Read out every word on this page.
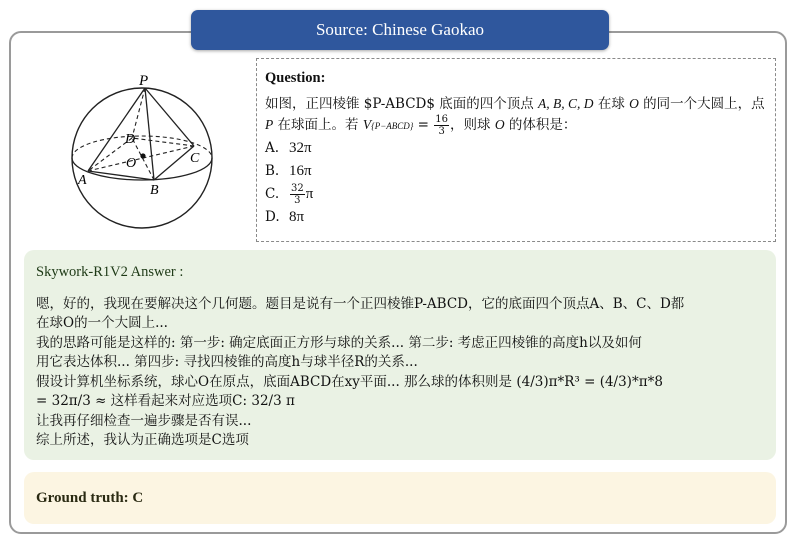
Source: Chinese Gaokao
P
A
B
C
D
O
Question:
如图，正四棱锥 $P-ABCD$ 底面的四个顶点 A, B, C, D 在球 O 的同一个大圆上，点 P 在球面上。若 V{P−ABCD} = $\frac{16}{3}$ ，则球 O 的体积是：
A. 32π
B. 16π
C.	$\frac{32}{3}$ π
D. 8π
Skywork-R1V2 Answer :
嗯，好的，我现在要解决这个几何题。题目是说有一个正四棱锥P-ABCD，它的底面四个顶点A、B、C、D都
在球O的一个大圆上...
我的思路可能是这样的: 第一步: 确定底面正方形与球的关系... 第二步: 考虑正四棱锥的高度h以及如何
用它表达体积... 第四步: 寻找四棱锥的高度h与球半径R的关系...
假设计算机坐标系统，球心O在原点，底面ABCD在xy平面... 那么球的体积则是 (4/3)π*R³ = (4/3)*π*8
= 32π/3 ≈ 这样看起来对应选项C: 32/3 π
让我再仔细检查一遍步骤是否有误...
综上所述，我认为正确选项是C选项
Ground truth: C
